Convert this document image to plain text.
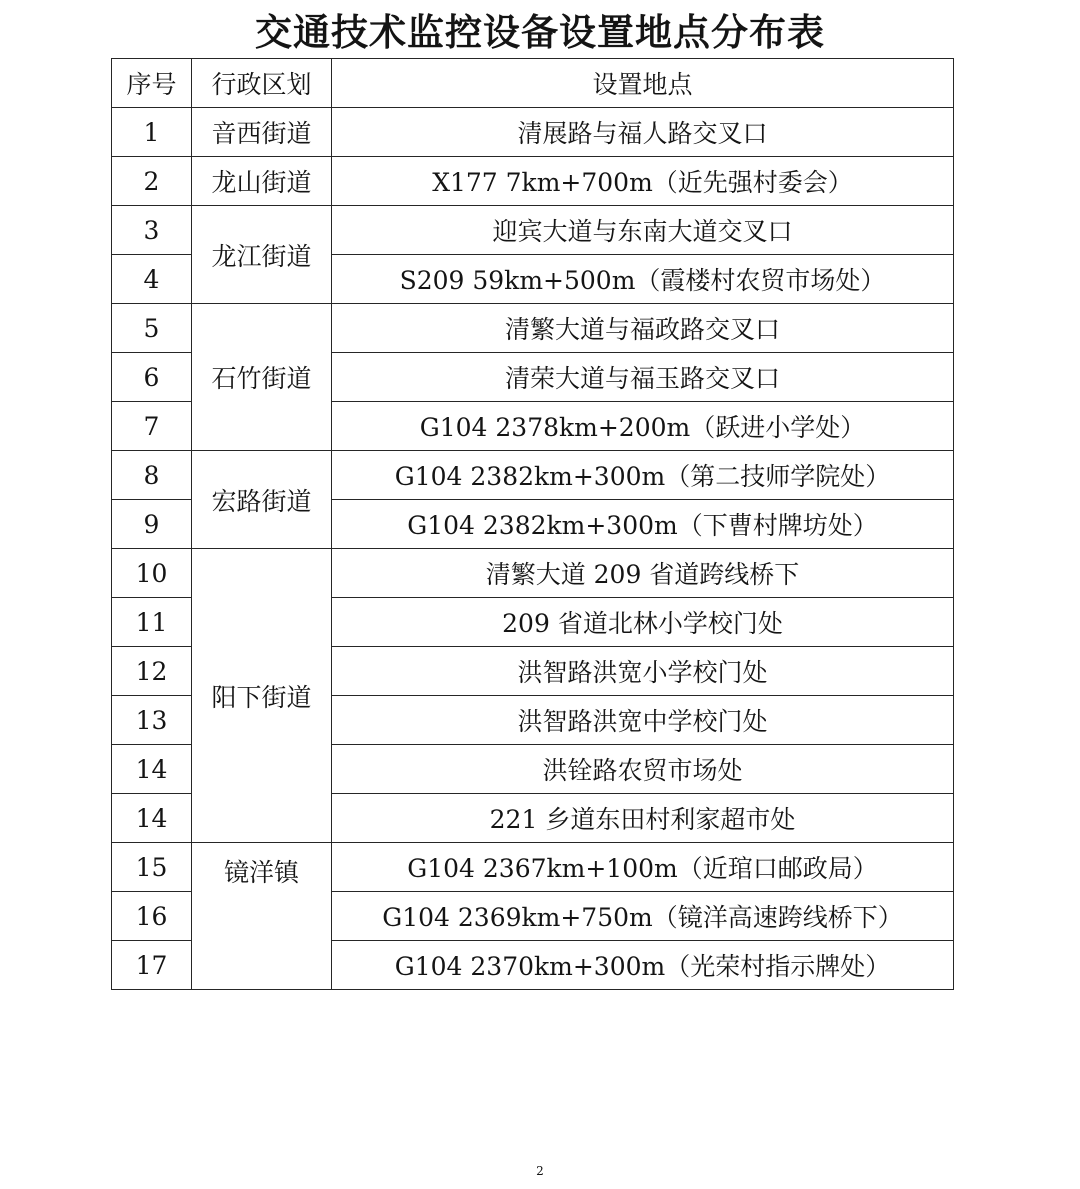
交通技术监控设备设置地点分布表
序号	行政区划	设置地点
1	音西街道	清展路与福人路交叉口
2	龙山街道	X177 7km+700m（近先强村委会）
3	龙江街道	迎宾大道与东南大道交叉口
4		S209 59km+500m（霞楼村农贸市场处）
5	石竹街道	清繁大道与福政路交叉口
6		清荣大道与福玉路交叉口
7		G104 2378km+200m（跃进小学处）
8	宏路街道	G104 2382km+300m（第二技师学院处）
9		G104 2382km+300m（下曹村牌坊处）
10	阳下街道	清繁大道 209 省道跨线桥下
11		209 省道北林小学校门处
12		洪智路洪宽小学校门处
13		洪智路洪宽中学校门处
14		洪铨路农贸市场处
14		221 乡道东田村利家超市处
15	镜洋镇	G104 2367km+100m（近琯口邮政局）
16		G104 2369km+750m（镜洋高速跨线桥下）
17		G104 2370km+300m（光荣村指示牌处）
2
